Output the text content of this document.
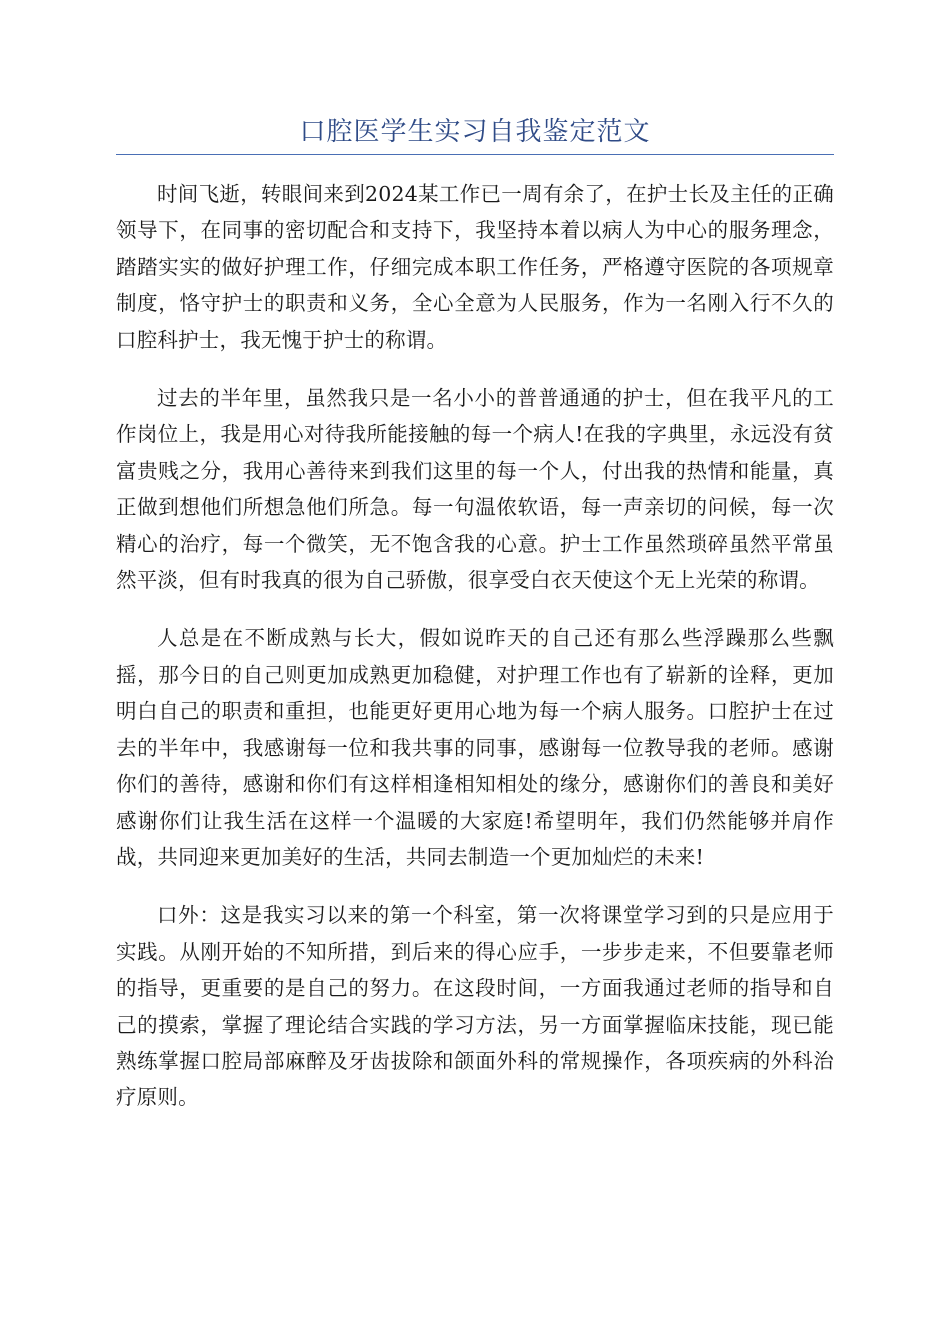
口腔医学生实习自我鉴定范文

时间飞逝，转眼间来到2024某工作已一周有余了，在护士长及主任的正确领导下，在同事的密切配合和支持下，我坚持本着以病人为中心的服务理念，踏踏实实的做好护理工作，仔细完成本职工作任务，严格遵守医院的各项规章制度，恪守护士的职责和义务，全心全意为人民服务，作为一名刚入行不久的口腔科护士，我无愧于护士的称谓。

过去的半年里，虽然我只是一名小小的普普通通的护士，但在我平凡的工作岗位上，我是用心对待我所能接触的每一个病人!在我的字典里，永远没有贫富贵贱之分，我用心善待来到我们这里的每一个人，付出我的热情和能量，真正做到想他们所想急他们所急。每一句温侬软语，每一声亲切的问候，每一次精心的治疗，每一个微笑，无不饱含我的心意。护士工作虽然琐碎虽然平常虽然平淡，但有时我真的很为自己骄傲，很享受白衣天使这个无上光荣的称谓。

人总是在不断成熟与长大，假如说昨天的自己还有那么些浮躁那么些飘摇，那今日的自己则更加成熟更加稳健，对护理工作也有了崭新的诠释，更加明白自己的职责和重担，也能更好更用心地为每一个病人服务。口腔护士在过去的半年中，我感谢每一位和我共事的同事，感谢每一位教导我的老师。感谢你们的善待，感谢和你们有这样相逢相知相处的缘分，感谢你们的善良和美好感谢你们让我生活在这样一个温暖的大家庭!希望明年，我们仍然能够并肩作战，共同迎来更加美好的生活，共同去制造一个更加灿烂的未来!

口外：这是我实习以来的第一个科室，第一次将课堂学习到的只是应用于实践。从刚开始的不知所措，到后来的得心应手，一步步走来，不但要靠老师的指导，更重要的是自己的努力。在这段时间，一方面我通过老师的指导和自己的摸索，掌握了理论结合实践的学习方法，另一方面掌握临床技能，现已能熟练掌握口腔局部麻醉及牙齿拔除和颌面外科的常规操作，各项疾病的外科治疗原则。
